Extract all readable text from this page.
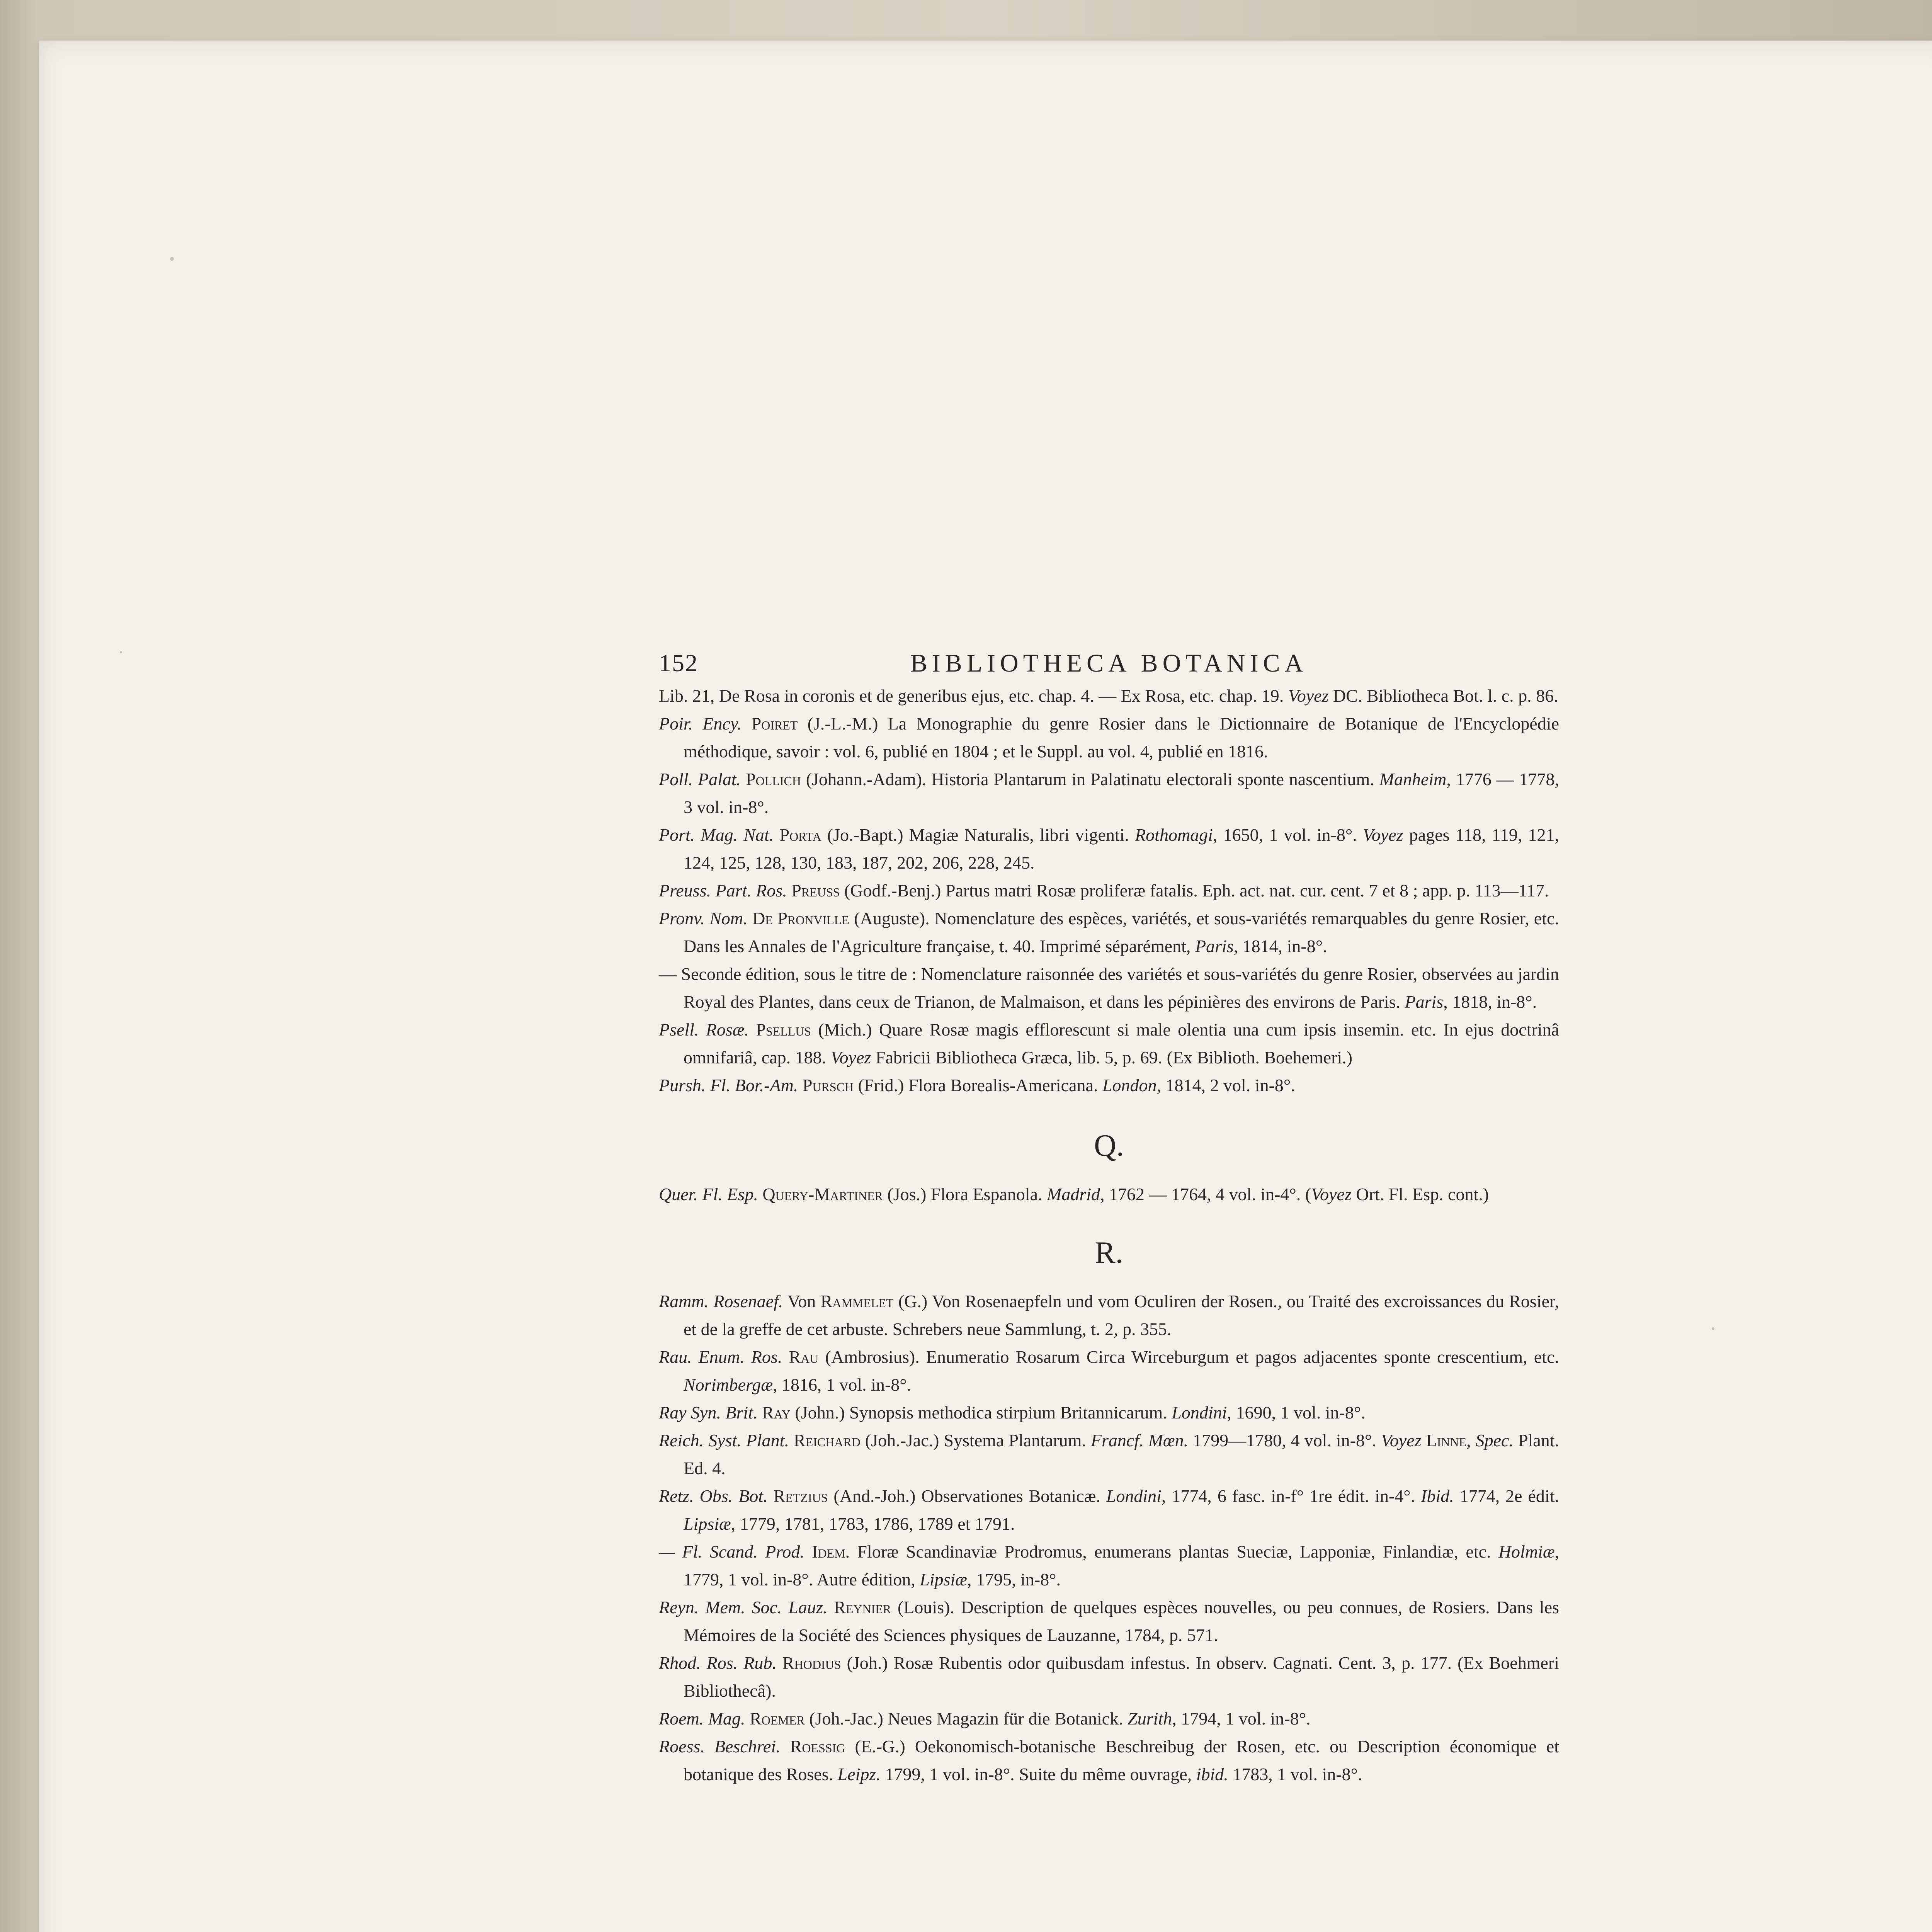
152	BIBLIOTHECA BOTANICA
Lib. 21, De Rosa in coronis et de generibus ejus, etc. chap. 4. — Ex Rosa, etc. chap. 19. Voyez DC. Bibliotheca Bot. l. c. p. 86.
Poir. Ency. Poiret (J.-L.-M.) La Monographie du genre Rosier dans le Dictionnaire de Botanique de l'Encyclopédie méthodique, savoir : vol. 6, publié en 1804 ; et le Suppl. au vol. 4, publié en 1816.
Poll. Palat. Pollich (Johann.-Adam). Historia Plantarum in Palatinatu electorali sponte nascentium. Manheim, 1776 — 1778, 3 vol. in-8°.
Port. Mag. Nat. Porta (Jo.-Bapt.) Magiæ Naturalis, libri vigenti. Rothomagi, 1650, 1 vol. in-8°. Voyez pages 118, 119, 121, 124, 125, 128, 130, 183, 187, 202, 206, 228, 245.
Preuss. Part. Ros. Preuss (Godf.-Benj.) Partus matri Rosæ proliferæ fatalis. Eph. act. nat. cur. cent. 7 et 8 ; app. p. 113—117.
Pronv. Nom. De Pronville (Auguste). Nomenclature des espèces, variétés, et sous-variétés remarquables du genre Rosier, etc. Dans les Annales de l'Agriculture française, t. 40. Imprimé séparément, Paris, 1814, in-8°.
— Seconde édition, sous le titre de : Nomenclature raisonnée des variétés et sous-variétés du genre Rosier, observées au jardin Royal des Plantes, dans ceux de Trianon, de Malmaison, et dans les pépinières des environs de Paris. Paris, 1818, in-8°.
Psell. Rosæ. Psellus (Mich.) Quare Rosæ magis efflorescunt si male olentia una cum ipsis insemin. etc. In ejus doctrinâ omnifariâ, cap. 188. Voyez Fabricii Bibliotheca Græca, lib. 5, p. 69. (Ex Biblioth. Boehemeri.)
Pursh. Fl. Bor.-Am. Pursch (Frid.) Flora Borealis-Americana. London, 1814, 2 vol. in-8°.
Q.
Quer. Fl. Esp. Query-Martiner (Jos.) Flora Espanola. Madrid, 1762 — 1764, 4 vol. in-4°. (Voyez Ort. Fl. Esp. cont.)
R.
Ramm. Rosenaef. Von Rammelet (G.) Von Rosenaepfeln und vom Oculiren der Rosen., ou Traité des excroissances du Rosier, et de la greffe de cet arbuste. Schrebers neue Sammlung, t. 2, p. 355.
Rau. Enum. Ros. Rau (Ambrosius). Enumeratio Rosarum Circa Wirceburgum et pagos adjacentes sponte crescentium, etc. Norimbergæ, 1816, 1 vol. in-8°.
Ray Syn. Brit. Ray (John.) Synopsis methodica stirpium Britannicarum. Londini, 1690, 1 vol. in-8°.
Reich. Syst. Plant. Reichard (Joh.-Jac.) Systema Plantarum. Francf. Mœn. 1799—1780, 4 vol. in-8°. Voyez Linne, Spec. Plant. Ed. 4.
Retz. Obs. Bot. Retzius (And.-Joh.) Observationes Botanicæ. Londini, 1774, 6 fasc. in-f° 1re édit. in-4°. Ibid. 1774, 2e édit. Lipsiæ, 1779, 1781, 1783, 1786, 1789 et 1791.
— Fl. Scand. Prod. Idem. Floræ Scandinaviæ Prodromus, enumerans plantas Sueciæ, Lapponiæ, Finlandiæ, etc. Holmiæ, 1779, 1 vol. in-8°. Autre édition, Lipsiæ, 1795, in-8°.
Reyn. Mem. Soc. Lauz. Reynier (Louis). Description de quelques espèces nouvelles, ou peu connues, de Rosiers. Dans les Mémoires de la Société des Sciences physiques de Lauzanne, 1784, p. 571.
Rhod. Ros. Rub. Rhodius (Joh.) Rosæ Rubentis odor quibusdam infestus. In observ. Cagnati. Cent. 3, p. 177. (Ex Boehmeri Bibliothecâ).
Roem. Mag. Roemer (Joh.-Jac.) Neues Magazin für die Botanick. Zurith, 1794, 1 vol. in-8°.
Roess. Beschrei. Roessig (E.-G.) Oekonomisch-botanische Beschreibug der Rosen, etc. ou Description économique et botanique des Roses. Leipz. 1799, 1 vol. in-8°. Suite du même ouvrage, ibid. 1783, 1 vol. in-8°.
